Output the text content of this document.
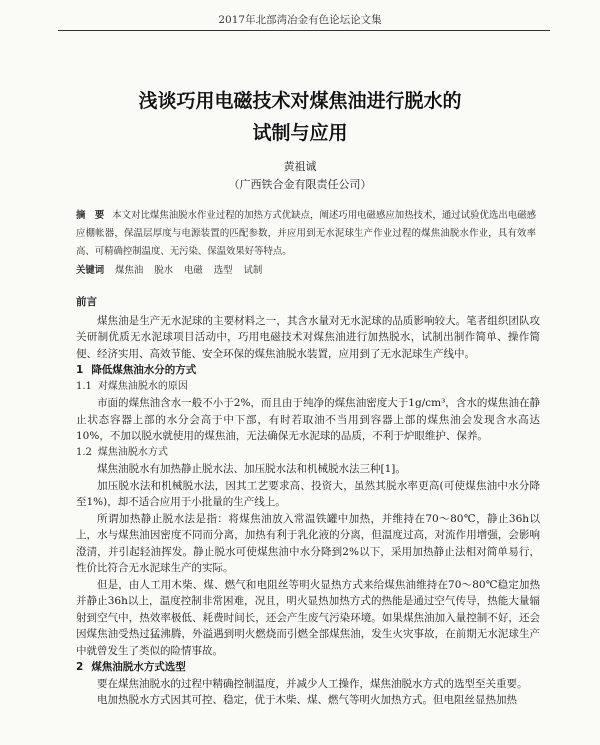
2017年北部湾冶金有色论坛论文集
浅谈巧用电磁技术对煤焦油进行脱水的
试制与应用
黄祖诚
（广西铁合金有限责任公司）
摘　要 本文对比煤焦油脱水作业过程的加热方式优缺点，阐述巧用电磁感应加热技术，通过试验优选出电磁感应棚帐器，保温层厚度与电源装置的匹配参数，并应用到无水泥球生产作业过程的煤焦油脱水作业，具有效率高、可精确控制温度、无污染、保温效果好等特点。
关键词 煤焦油 脱水 电磁 选型 试制

前言

煤焦油是生产无水泥球的主要材料之一，其含水量对无水泥球的品质影响较大。笔者组织团队攻关研制优质无水泥球项目活动中，巧用电磁技术对煤焦油进行加热脱水，试制出制作简单、操作简便、经济实用、高效节能、安全环保的煤焦油脱水装置，应用到了无水泥球生产线中。

1 降低煤焦油水分的方式

1.1 对煤焦油脱水的原因

市面的煤焦油含水一般不小于2%，而且由于纯净的煤焦油密度大于1g/cm³，含水的煤焦油在静止状态容器上部的水分会高于中下部，有时若取油不当用到容器上部的煤焦油会发现含水高达10%，不加以脱水就使用的煤焦油，无法确保无水泥球的品质，不利于炉眼维护、保养。

1.2 煤焦油脱水方式

煤焦油脱水有加热静止脱水法、加压脱水法和机械脱水法三种[1]。

加压脱水法和机械脱水法，因其工艺要求高、投资大，虽然其脱水率更高(可使煤焦油中水分降至1%)，却不适合应用于小批量的生产线上。

所谓加热静止脱水法是指：将煤焦油放入常温铁罐中加热，并维持在70～80℃，静止36h以上，水与煤焦油因密度不同而分离，加热有利于乳化液的分离，但温度过高，对流作用增强，会影响澄清，并引起轻油挥发。静止脱水可使煤焦油中水分降到2%以下，采用加热静止法相对简单易行，性价比符合无水泥球生产的实际。

但是，由人工用木柴、煤、燃气和电阻丝等明火显热方式来给煤焦油维持在70～80℃稳定加热并静止36h以上，温度控制非常困难，况且，明火显热加热方式的热能是通过空气传导，热能大量辐射到空气中，热效率极低、耗费时间长，还会产生废气污染环境。如果煤焦油加入量控制不好，还会因煤焦油受热过猛沸腾，外溢遇到明火燃烧而引燃全部煤焦油，发生火灾事故，在前期无水泥球生产中就曾发生了类似的险情事故。

2 煤焦油脱水方式选型

要在煤焦油脱水的过程中精确控制温度，并减少人工操作，煤焦油脱水方式的选型至关重要。

电加热脱水方式因其可控、稳定，优于木柴、煤、燃气等明火加热方式。但电阻丝显热加热
